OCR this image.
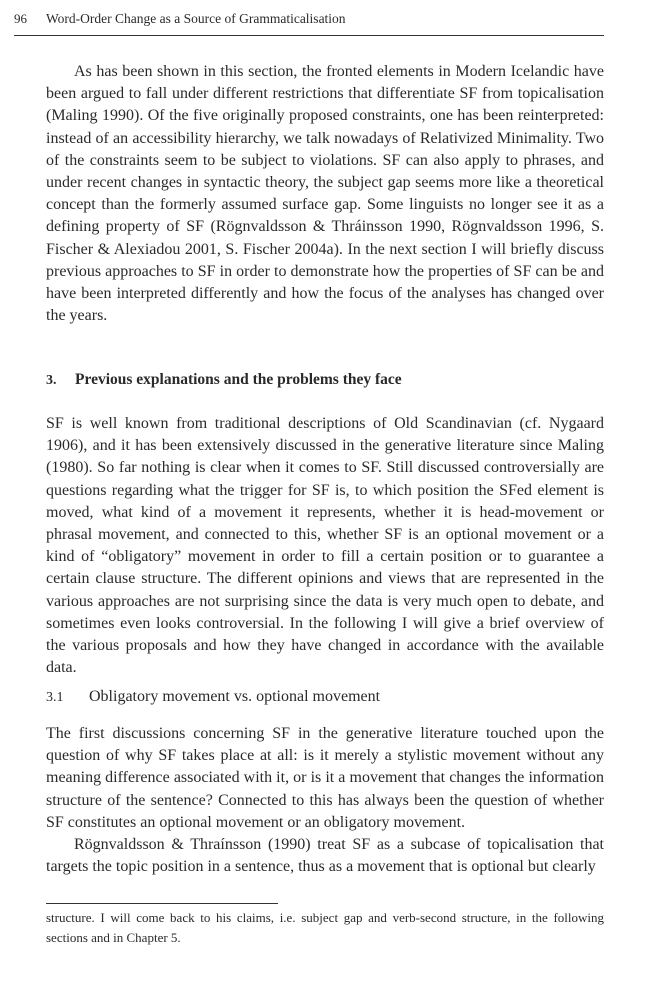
96 Word-Order Change as a Source of Grammaticalisation

As has been shown in this section, the fronted elements in Modern Icelandic have been argued to fall under different restrictions that differentiate SF from topicalisation (Maling 1990). Of the five originally proposed constraints, one has been reinterpreted: instead of an accessibility hierarchy, we talk nowadays of Relativized Minimality. Two of the constraints seem to be subject to violations. SF can also apply to phrases, and under recent changes in syntactic theory, the subject gap seems more like a theoretical concept than the formerly assumed surface gap. Some linguists no longer see it as a defining property of SF (Rögnvaldsson & Thráinsson 1990, Rögnvaldsson 1996, S. Fischer & Alexiadou 2001, S. Fischer 2004a). In the next section I will briefly discuss previous approaches to SF in order to demonstrate how the properties of SF can be and have been interpreted differently and how the focus of the analyses has changed over the years.

3. Previous explanations and the problems they face

SF is well known from traditional descriptions of Old Scandinavian (cf. Nygaard 1906), and it has been extensively discussed in the generative literature since Maling (1980). So far nothing is clear when it comes to SF. Still discussed controversially are questions regarding what the trigger for SF is, to which position the SFed element is moved, what kind of a movement it represents, whether it is head-movement or phrasal movement, and connected to this, whether SF is an optional movement or a kind of “obligatory” movement in order to fill a certain position or to guarantee a certain clause structure. The different opinions and views that are represented in the various approaches are not surprising since the data is very much open to debate, and sometimes even looks controversial. In the following I will give a brief overview of the various proposals and how they have changed in accordance with the available data.

3.1 Obligatory movement vs. optional movement

The first discussions concerning SF in the generative literature touched upon the question of why SF takes place at all: is it merely a stylistic movement without any meaning difference associated with it, or is it a movement that changes the information structure of the sentence? Connected to this has always been the question of whether SF constitutes an optional movement or an obligatory movement.

Rögnvaldsson & Thraínsson (1990) treat SF as a subcase of topicalisation that targets the topic position in a sentence, thus as a movement that is optional but clearly

structure. I will come back to his claims, i.e. subject gap and verb-second structure, in the following sections and in Chapter 5.
